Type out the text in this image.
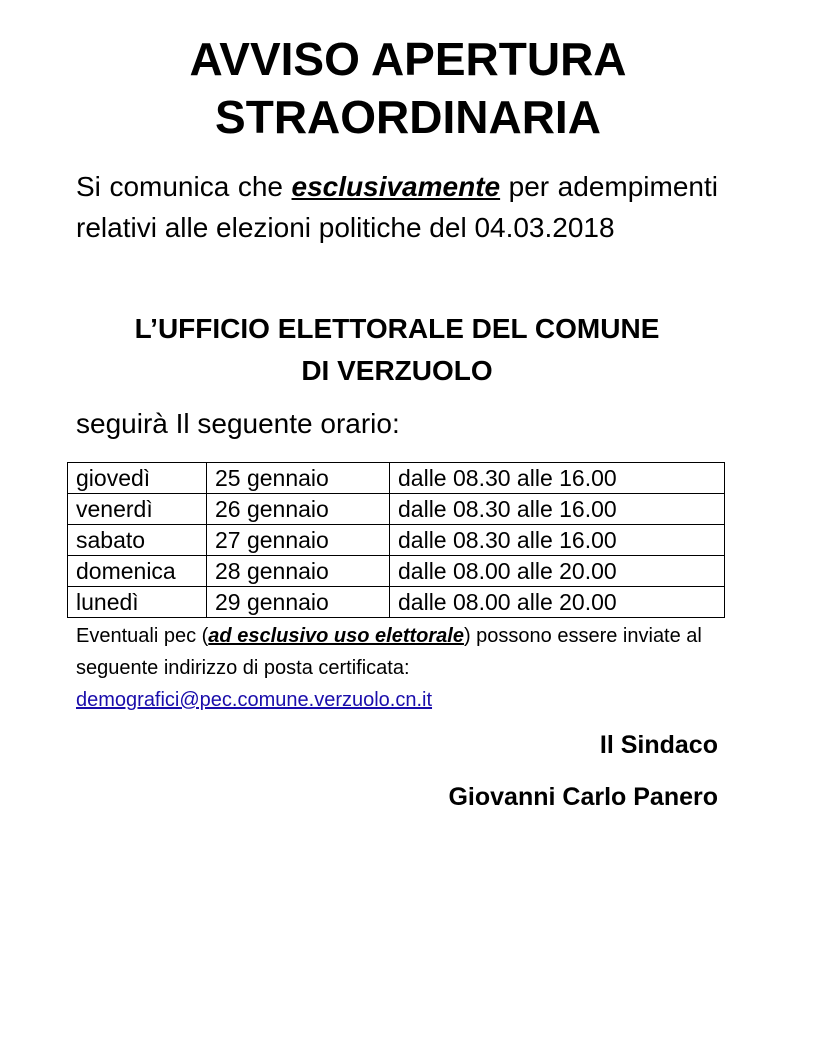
AVVISO APERTURA
STRAORDINARIA
Si comunica che esclusivamente per adempimenti relativi alle elezioni politiche del 04.03.2018
L’UFFICIO ELETTORALE DEL COMUNE
DI VERZUOLO
seguirà Il seguente orario:
giovedì	25 gennaio	dalle 08.30 alle 16.00
venerdì	26 gennaio	dalle 08.30 alle 16.00
sabato	27 gennaio	dalle 08.30 alle 16.00
domenica	28 gennaio	dalle 08.00 alle 20.00
lunedì	29 gennaio	dalle 08.00 alle 20.00
Eventuali pec (ad esclusivo uso elettorale) possono essere inviate al seguente indirizzo di posta certificata:
demografici@pec.comune.verzuolo.cn.it
Il Sindaco
Giovanni Carlo Panero
